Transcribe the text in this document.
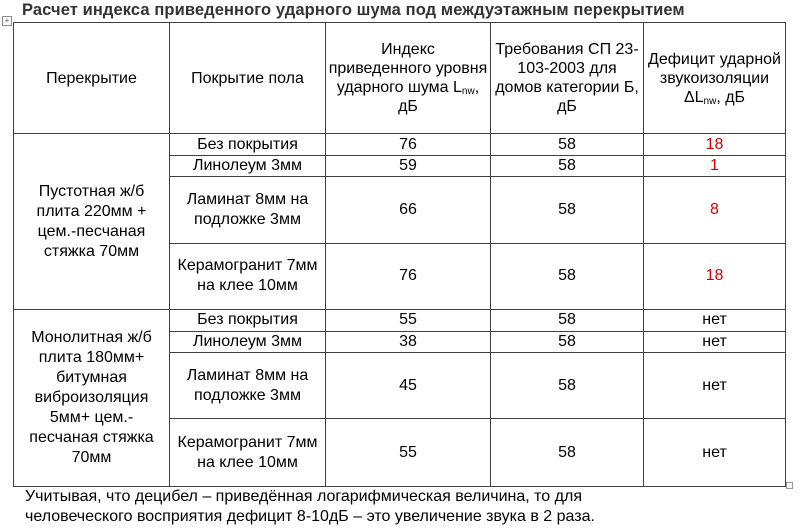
Расчет индекса приведенного ударного шума под междуэтажным перекрытием
+
Перекрытие	Покрытие пола	Индекс приведенного уровня ударного шума $L_{nw}$, дБ	Требования СП 23-103-2003 для домов категории Б, дБ	Дефицит ударной звукоизоляции $\Delta L_{nw}$, дБ
Пустотная ж/б плита 220мм + цем.-песчаная стяжка 70мм	Без покрытия	76	58	18
	Линолеум 3мм	59	58	1
	Ламинат 8мм на подложке 3мм	66	58	8
	Керамогранит 7мм на клее 10мм	76	58	18
Монолитная ж/б плита 180мм+ битумная виброизоляция 5мм+ цем.-песчаная стяжка 70мм	Без покрытия	55	58	нет
	Линолеум 3мм	38	58	нет
	Ламинат 8мм на подложке 3мм	45	58	нет
	Керамогранит 7мм на клее 10мм	55	58	нет
Учитывая, что децибел – приведённая логарифмическая величина, то для
человеческого восприятия дефицит 8-10дБ – это увеличение звука в 2 раза.
